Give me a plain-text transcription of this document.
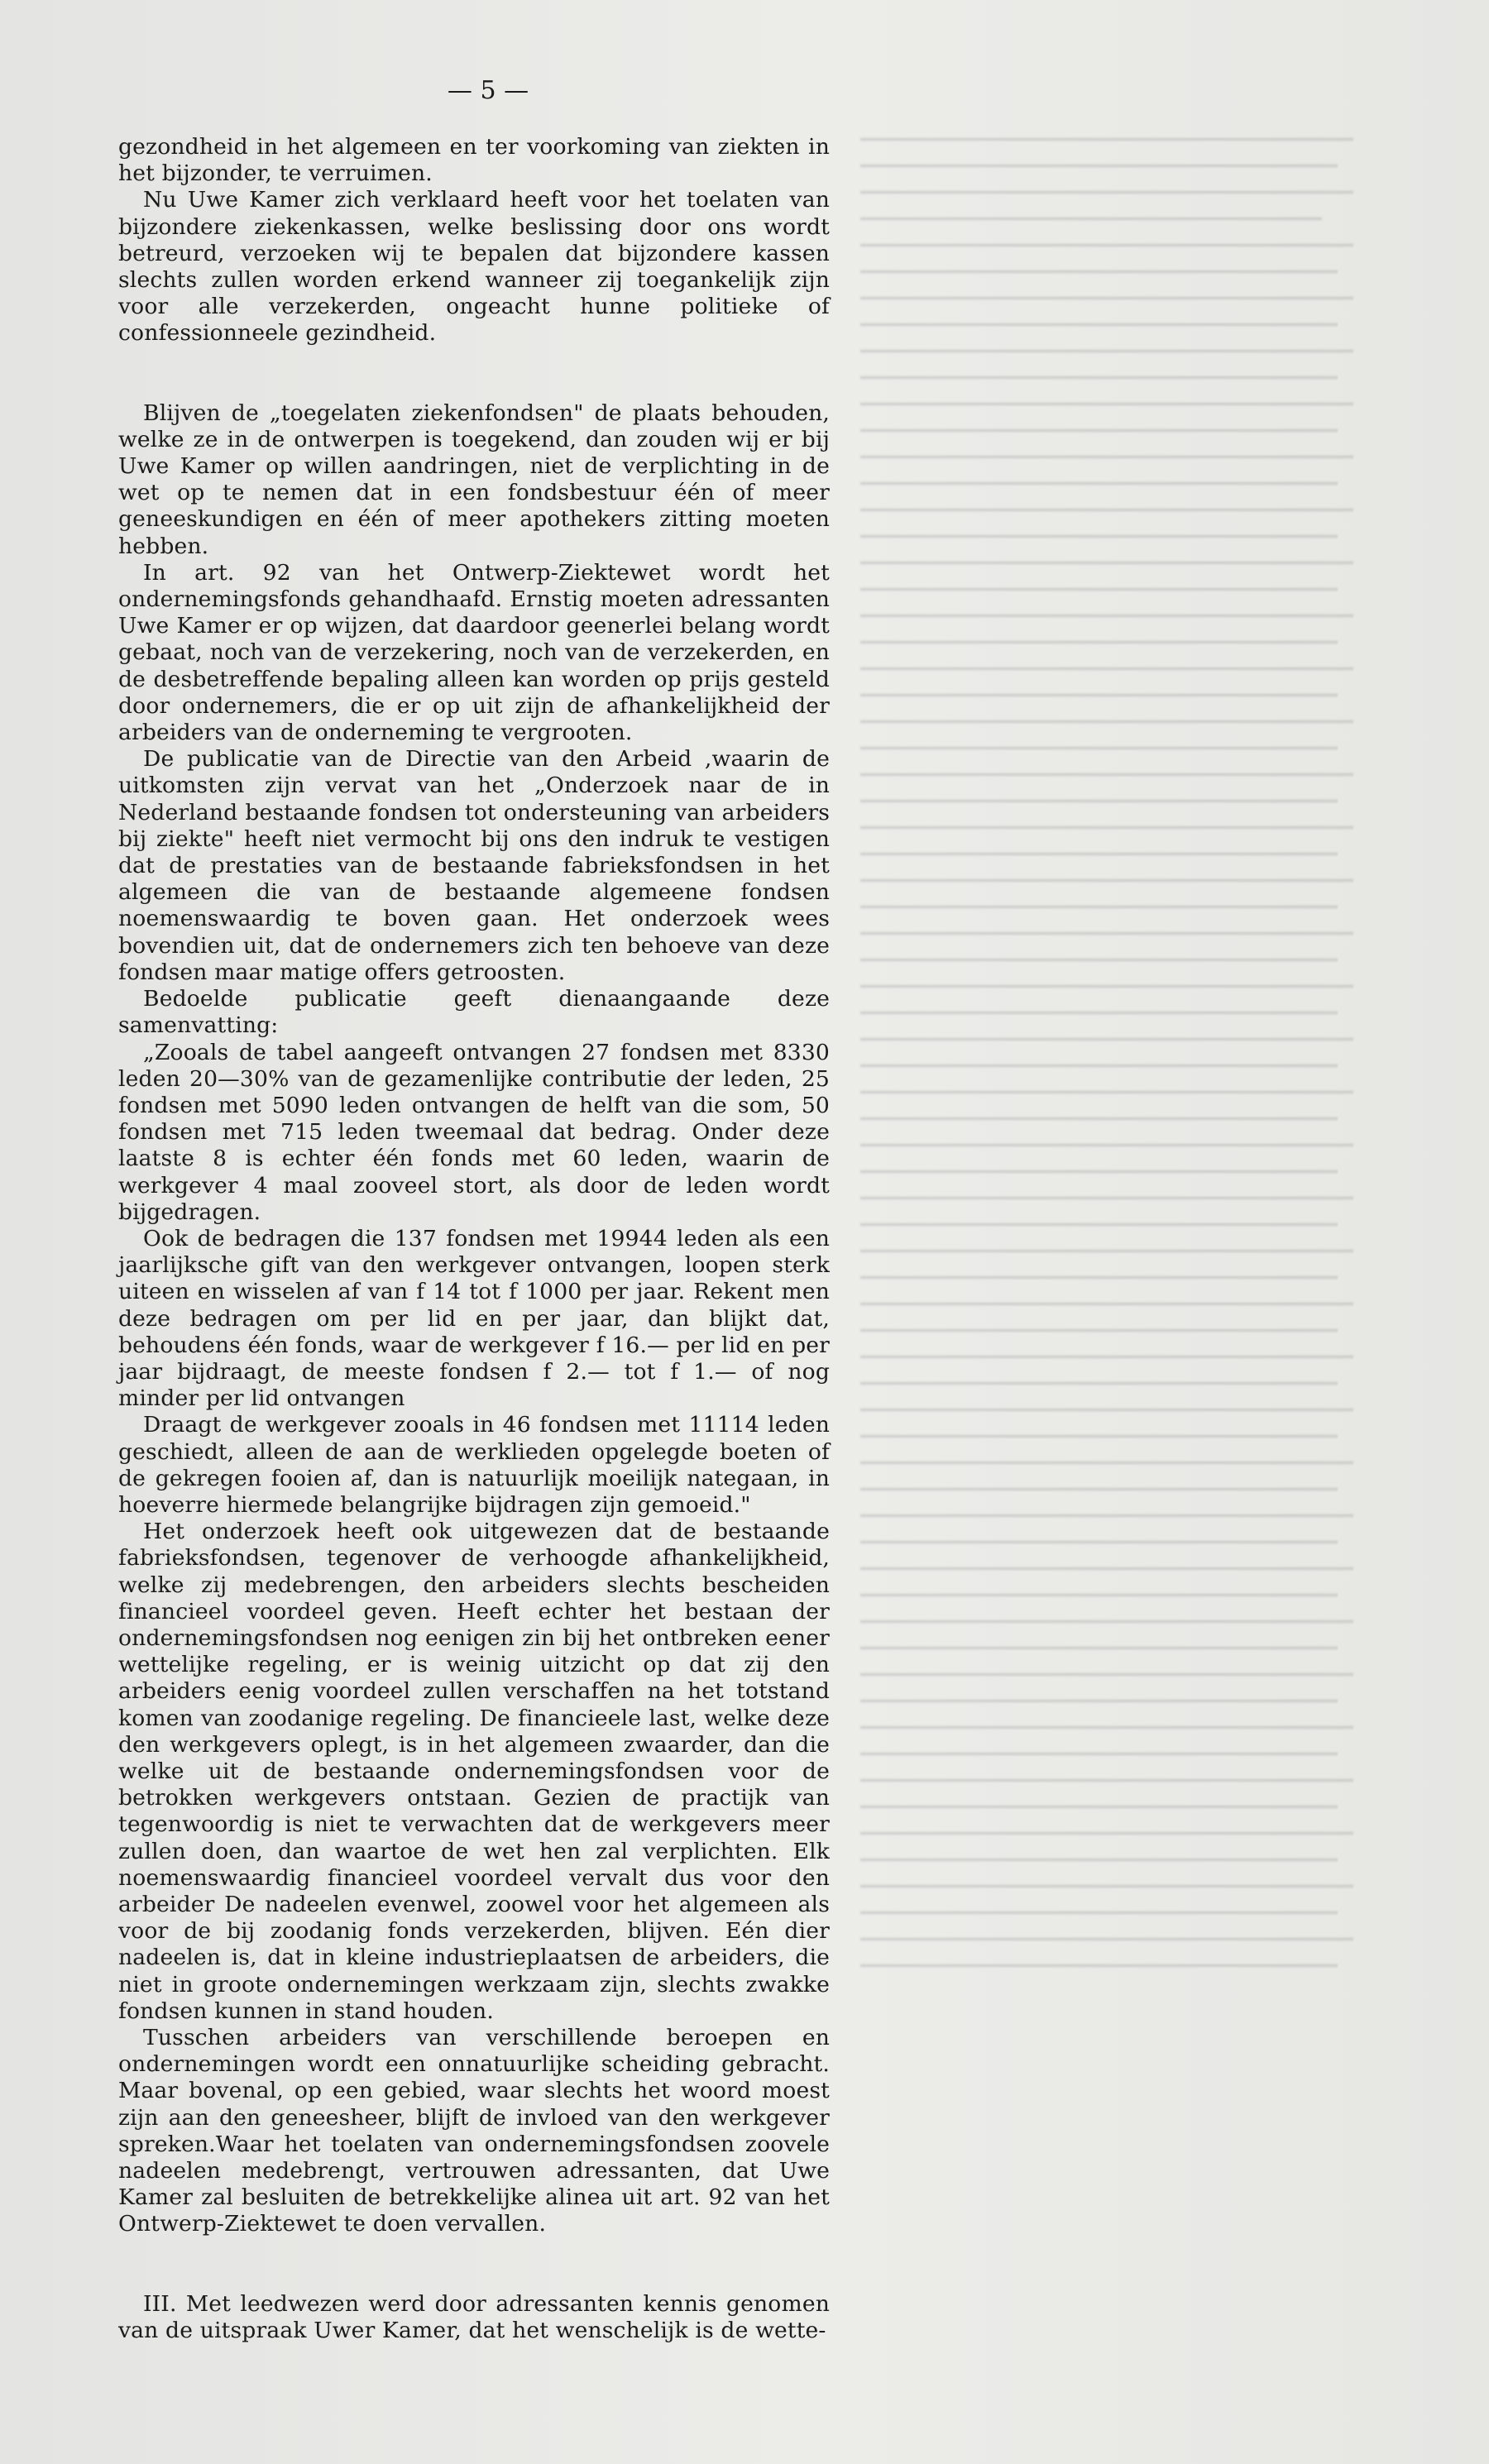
▁▁▁▁▁▁▁▁▁▁▁▁▁▁▁▁▁▁▁▁▁▁▁▁▁▁▁▁▁▁▁
▁▁▁▁▁▁▁▁▁▁▁▁▁▁▁▁▁▁▁▁▁▁▁▁▁▁▁▁▁▁
▁▁▁▁▁▁▁▁▁▁▁▁▁▁▁▁▁▁▁▁▁▁▁▁▁▁▁▁▁▁▁
▁▁▁▁▁▁▁▁▁▁▁▁▁▁▁▁▁▁▁▁▁▁▁▁▁▁▁▁▁
▁▁▁▁▁▁▁▁▁▁▁▁▁▁▁▁▁▁▁▁▁▁▁▁▁▁▁▁▁▁▁
▁▁▁▁▁▁▁▁▁▁▁▁▁▁▁▁▁▁▁▁▁▁▁▁▁▁▁▁▁▁
▁▁▁▁▁▁▁▁▁▁▁▁▁▁▁▁▁▁▁▁▁▁▁▁▁▁▁▁▁▁▁
▁▁▁▁▁▁▁▁▁▁▁▁▁▁▁▁▁▁▁▁▁▁▁▁▁▁▁▁▁▁
▁▁▁▁▁▁▁▁▁▁▁▁▁▁▁▁▁▁▁▁▁▁▁▁▁▁▁▁▁▁▁
▁▁▁▁▁▁▁▁▁▁▁▁▁▁▁▁▁▁▁▁▁▁▁▁▁▁▁▁▁▁
▁▁▁▁▁▁▁▁▁▁▁▁▁▁▁▁▁▁▁▁▁▁▁▁▁▁▁▁▁▁▁
▁▁▁▁▁▁▁▁▁▁▁▁▁▁▁▁▁▁▁▁▁▁▁▁▁▁▁▁▁▁
▁▁▁▁▁▁▁▁▁▁▁▁▁▁▁▁▁▁▁▁▁▁▁▁▁▁▁▁▁▁▁
▁▁▁▁▁▁▁▁▁▁▁▁▁▁▁▁▁▁▁▁▁▁▁▁▁▁▁▁▁▁
▁▁▁▁▁▁▁▁▁▁▁▁▁▁▁▁▁▁▁▁▁▁▁▁▁▁▁▁▁▁▁
▁▁▁▁▁▁▁▁▁▁▁▁▁▁▁▁▁▁▁▁▁▁▁▁▁▁▁▁▁▁
▁▁▁▁▁▁▁▁▁▁▁▁▁▁▁▁▁▁▁▁▁▁▁▁▁▁▁▁▁▁▁
▁▁▁▁▁▁▁▁▁▁▁▁▁▁▁▁▁▁▁▁▁▁▁▁▁▁▁▁▁▁
▁▁▁▁▁▁▁▁▁▁▁▁▁▁▁▁▁▁▁▁▁▁▁▁▁▁▁▁▁▁▁
▁▁▁▁▁▁▁▁▁▁▁▁▁▁▁▁▁▁▁▁▁▁▁▁▁▁▁▁▁▁
▁▁▁▁▁▁▁▁▁▁▁▁▁▁▁▁▁▁▁▁▁▁▁▁▁▁▁▁▁▁▁
▁▁▁▁▁▁▁▁▁▁▁▁▁▁▁▁▁▁▁▁▁▁▁▁▁▁▁▁▁▁
▁▁▁▁▁▁▁▁▁▁▁▁▁▁▁▁▁▁▁▁▁▁▁▁▁▁▁▁▁▁▁
▁▁▁▁▁▁▁▁▁▁▁▁▁▁▁▁▁▁▁▁▁▁▁▁▁▁▁▁▁▁
▁▁▁▁▁▁▁▁▁▁▁▁▁▁▁▁▁▁▁▁▁▁▁▁▁▁▁▁▁▁▁
▁▁▁▁▁▁▁▁▁▁▁▁▁▁▁▁▁▁▁▁▁▁▁▁▁▁▁▁▁▁
▁▁▁▁▁▁▁▁▁▁▁▁▁▁▁▁▁▁▁▁▁▁▁▁▁▁▁▁▁▁▁
▁▁▁▁▁▁▁▁▁▁▁▁▁▁▁▁▁▁▁▁▁▁▁▁▁▁▁▁▁▁
▁▁▁▁▁▁▁▁▁▁▁▁▁▁▁▁▁▁▁▁▁▁▁▁▁▁▁▁▁▁▁
▁▁▁▁▁▁▁▁▁▁▁▁▁▁▁▁▁▁▁▁▁▁▁▁▁▁▁▁▁▁
▁▁▁▁▁▁▁▁▁▁▁▁▁▁▁▁▁▁▁▁▁▁▁▁▁▁▁▁▁▁▁
▁▁▁▁▁▁▁▁▁▁▁▁▁▁▁▁▁▁▁▁▁▁▁▁▁▁▁▁▁▁
▁▁▁▁▁▁▁▁▁▁▁▁▁▁▁▁▁▁▁▁▁▁▁▁▁▁▁▁▁▁▁
▁▁▁▁▁▁▁▁▁▁▁▁▁▁▁▁▁▁▁▁▁▁▁▁▁▁▁▁▁▁
▁▁▁▁▁▁▁▁▁▁▁▁▁▁▁▁▁▁▁▁▁▁▁▁▁▁▁▁▁▁▁
▁▁▁▁▁▁▁▁▁▁▁▁▁▁▁▁▁▁▁▁▁▁▁▁▁▁▁▁▁▁
▁▁▁▁▁▁▁▁▁▁▁▁▁▁▁▁▁▁▁▁▁▁▁▁▁▁▁▁▁▁▁
▁▁▁▁▁▁▁▁▁▁▁▁▁▁▁▁▁▁▁▁▁▁▁▁▁▁▁▁▁▁
▁▁▁▁▁▁▁▁▁▁▁▁▁▁▁▁▁▁▁▁▁▁▁▁▁▁▁▁▁▁▁
▁▁▁▁▁▁▁▁▁▁▁▁▁▁▁▁▁▁▁▁▁▁▁▁▁▁▁▁▁▁
▁▁▁▁▁▁▁▁▁▁▁▁▁▁▁▁▁▁▁▁▁▁▁▁▁▁▁▁▁▁▁
▁▁▁▁▁▁▁▁▁▁▁▁▁▁▁▁▁▁▁▁▁▁▁▁▁▁▁▁▁▁
▁▁▁▁▁▁▁▁▁▁▁▁▁▁▁▁▁▁▁▁▁▁▁▁▁▁▁▁▁▁▁
▁▁▁▁▁▁▁▁▁▁▁▁▁▁▁▁▁▁▁▁▁▁▁▁▁▁▁▁▁▁
▁▁▁▁▁▁▁▁▁▁▁▁▁▁▁▁▁▁▁▁▁▁▁▁▁▁▁▁▁▁▁
▁▁▁▁▁▁▁▁▁▁▁▁▁▁▁▁▁▁▁▁▁▁▁▁▁▁▁▁▁▁
▁▁▁▁▁▁▁▁▁▁▁▁▁▁▁▁▁▁▁▁▁▁▁▁▁▁▁▁▁▁▁
▁▁▁▁▁▁▁▁▁▁▁▁▁▁▁▁▁▁▁▁▁▁▁▁▁▁▁▁▁▁
▁▁▁▁▁▁▁▁▁▁▁▁▁▁▁▁▁▁▁▁▁▁▁▁▁▁▁▁▁▁▁
▁▁▁▁▁▁▁▁▁▁▁▁▁▁▁▁▁▁▁▁▁▁▁▁▁▁▁▁▁▁
▁▁▁▁▁▁▁▁▁▁▁▁▁▁▁▁▁▁▁▁▁▁▁▁▁▁▁▁▁▁▁
▁▁▁▁▁▁▁▁▁▁▁▁▁▁▁▁▁▁▁▁▁▁▁▁▁▁▁▁▁▁
▁▁▁▁▁▁▁▁▁▁▁▁▁▁▁▁▁▁▁▁▁▁▁▁▁▁▁▁▁▁▁
▁▁▁▁▁▁▁▁▁▁▁▁▁▁▁▁▁▁▁▁▁▁▁▁▁▁▁▁▁▁
▁▁▁▁▁▁▁▁▁▁▁▁▁▁▁▁▁▁▁▁▁▁▁▁▁▁▁▁▁▁▁
▁▁▁▁▁▁▁▁▁▁▁▁▁▁▁▁▁▁▁▁▁▁▁▁▁▁▁▁▁▁
▁▁▁▁▁▁▁▁▁▁▁▁▁▁▁▁▁▁▁▁▁▁▁▁▁▁▁▁▁▁▁
▁▁▁▁▁▁▁▁▁▁▁▁▁▁▁▁▁▁▁▁▁▁▁▁▁▁▁▁▁▁
▁▁▁▁▁▁▁▁▁▁▁▁▁▁▁▁▁▁▁▁▁▁▁▁▁▁▁▁▁▁▁
▁▁▁▁▁▁▁▁▁▁▁▁▁▁▁▁▁▁▁▁▁▁▁▁▁▁▁▁▁▁
▁▁▁▁▁▁▁▁▁▁▁▁▁▁▁▁▁▁▁▁▁▁▁▁▁▁▁▁▁▁▁
▁▁▁▁▁▁▁▁▁▁▁▁▁▁▁▁▁▁▁▁▁▁▁▁▁▁▁▁▁▁
▁▁▁▁▁▁▁▁▁▁▁▁▁▁▁▁▁▁▁▁▁▁▁▁▁▁▁▁▁▁▁
▁▁▁▁▁▁▁▁▁▁▁▁▁▁▁▁▁▁▁▁▁▁▁▁▁▁▁▁▁▁
▁▁▁▁▁▁▁▁▁▁▁▁▁▁▁▁▁▁▁▁▁▁▁▁▁▁▁▁▁▁▁
▁▁▁▁▁▁▁▁▁▁▁▁▁▁▁▁▁▁▁▁▁▁▁▁▁▁▁▁▁▁
▁▁▁▁▁▁▁▁▁▁▁▁▁▁▁▁▁▁▁▁▁▁▁▁▁▁▁▁▁▁▁
▁▁▁▁▁▁▁▁▁▁▁▁▁▁▁▁▁▁▁▁▁▁▁▁▁▁▁▁▁▁
▁▁▁▁▁▁▁▁▁▁▁▁▁▁▁▁▁▁▁▁▁▁▁▁▁▁▁▁▁▁▁
▁▁▁▁▁▁▁▁▁▁▁▁▁▁▁▁▁▁▁▁▁▁▁▁▁▁▁▁▁▁
— 5 —

gezondheid in het algemeen en ter voorkoming van ziekten in het bijzonder, te verruimen.

Nu Uwe Kamer zich verklaard heeft voor het toelaten van bijzondere ziekenkassen, welke beslissing door ons wordt betreurd, verzoeken wij te bepalen dat bijzondere kassen slechts zullen worden erkend wanneer zij toegankelijk zijn voor alle verzekerden, ongeacht hunne politieke of confessionneele gezindheid.

Blijven de „toegelaten ziekenfondsen" de plaats behouden, welke ze in de ontwerpen is toegekend, dan zouden wij er bij Uwe Kamer op willen aandringen, niet de verplichting in de wet op te nemen dat in een fondsbestuur één of meer geneeskundigen en één of meer apothekers zitting moeten hebben.

In art. 92 van het Ontwerp-Ziektewet wordt het ondernemingsfonds gehandhaafd. Ernstig moeten adressanten Uwe Kamer er op wijzen, dat daardoor geenerlei belang wordt gebaat, noch van de verzekering, noch van de verzekerden, en de desbetreffende bepaling alleen kan worden op prijs gesteld door ondernemers, die er op uit zijn de afhankelijkheid der arbeiders van de onderneming te vergrooten.

De publicatie van de Directie van den Arbeid ,waarin de uitkomsten zijn vervat van het „Onderzoek naar de in Nederland bestaande fondsen tot ondersteuning van arbeiders bij ziekte" heeft niet vermocht bij ons den indruk te vestigen dat de prestaties van de bestaande fabrieksfondsen in het algemeen die van de bestaande algemeene fondsen noemenswaardig te boven gaan. Het onderzoek wees bovendien uit, dat de ondernemers zich ten behoeve van deze fondsen maar matige offers getroosten.

Bedoelde publicatie geeft dienaangaande deze samenvatting:

„Zooals de tabel aangeeft ontvangen 27 fondsen met 8330 leden 20—30% van de gezamenlijke contributie der leden, 25 fondsen met 5090 leden ontvangen de helft van die som, 50 fondsen met 715 leden tweemaal dat bedrag. Onder deze laatste 8 is echter één fonds met 60 leden, waarin de werkgever 4 maal zooveel stort, als door de leden wordt bijgedragen.

Ook de bedragen die 137 fondsen met 19944 leden als een jaarlijksche gift van den werkgever ontvangen, loopen sterk uiteen en wisselen af van f 14 tot f 1000 per jaar. Rekent men deze bedragen om per lid en per jaar, dan blijkt dat, behoudens één fonds, waar de werkgever f 16.— per lid en per jaar bijdraagt, de meeste fondsen f 2.— tot f 1.— of nog minder per lid ontvangen

Draagt de werkgever zooals in 46 fondsen met 11114 leden geschiedt, alleen de aan de werklieden opgelegde boeten of de gekregen fooien af, dan is natuurlijk moeilijk nategaan, in hoeverre hiermede belangrijke bijdragen zijn gemoeid."

Het onderzoek heeft ook uitgewezen dat de bestaande fabrieksfondsen, tegenover de verhoogde afhankelijkheid, welke zij medebrengen, den arbeiders slechts bescheiden financieel voordeel geven. Heeft echter het bestaan der ondernemingsfondsen nog eenigen zin bij het ontbreken eener wettelijke regeling, er is weinig uitzicht op dat zij den arbeiders eenig voordeel zullen verschaffen na het totstand komen van zoodanige regeling. De financieele last, welke deze den werkgevers oplegt, is in het algemeen zwaarder, dan die welke uit de bestaande ondernemingsfondsen voor de betrokken werkgevers ontstaan. Gezien de practijk van tegenwoordig is niet te verwachten dat de werkgevers meer zullen doen, dan waartoe de wet hen zal verplichten. Elk noemenswaardig financieel voordeel vervalt dus voor den arbeider De nadeelen evenwel, zoowel voor het algemeen als voor de bij zoodanig fonds verzekerden, blijven. Eén dier nadeelen is, dat in kleine industrieplaatsen de arbeiders, die niet in groote ondernemingen werkzaam zijn, slechts zwakke fondsen kunnen in stand houden.

Tusschen arbeiders van verschillende beroepen en ondernemingen wordt een onnatuurlijke scheiding gebracht. Maar bovenal, op een gebied, waar slechts het woord moest zijn aan den geneesheer, blijft de invloed van den werkgever spreken.Waar het toelaten van ondernemingsfondsen zoovele nadeelen medebrengt, vertrouwen adressanten, dat Uwe Kamer zal besluiten de betrekkelijke alinea uit art. 92 van het Ontwerp-Ziektewet te doen vervallen.

III. Met leedwezen werd door adressanten kennis genomen van de uitspraak Uwer Kamer, dat het wenschelijk is de wette-
